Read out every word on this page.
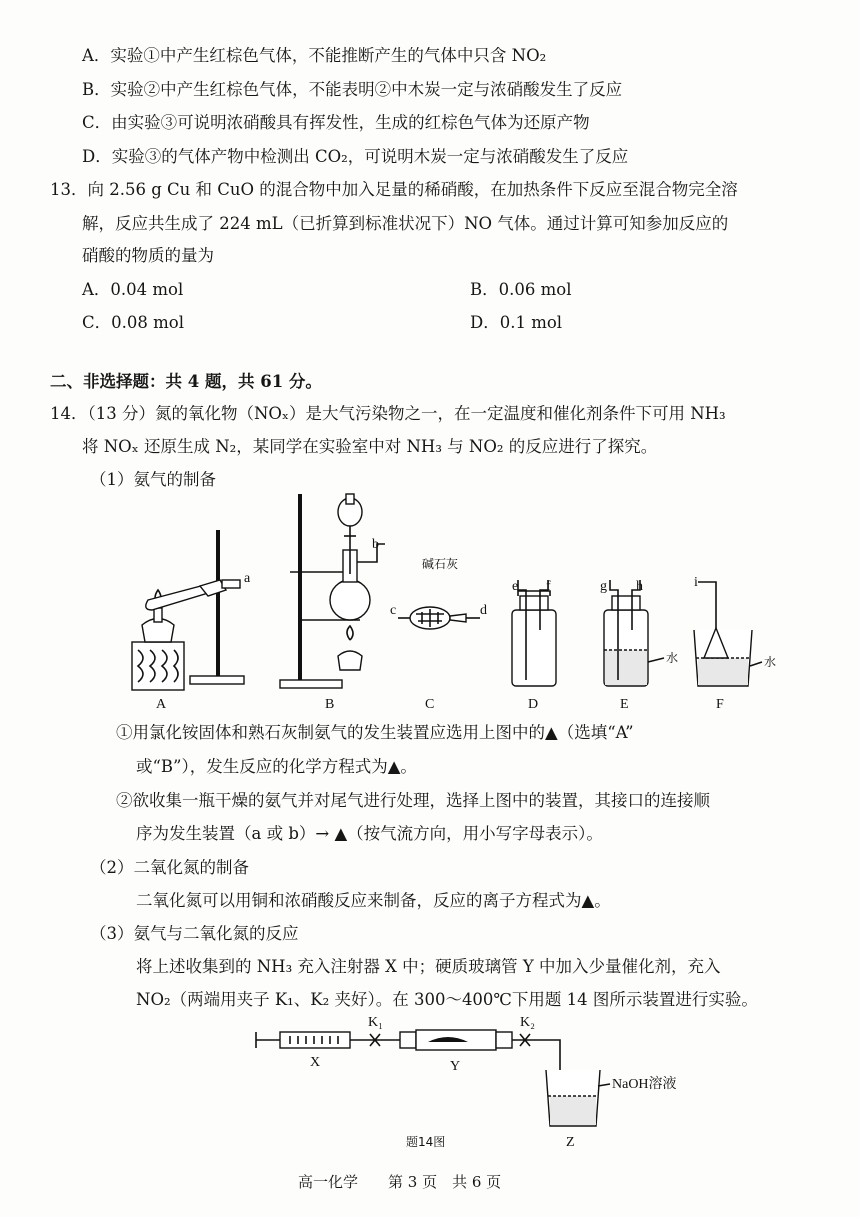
A．实验①中产生红棕色气体，不能推断产生的气体中只含 NO₂
B．实验②中产生红棕色气体，不能表明②中木炭一定与浓硝酸发生了反应
C．由实验③可说明浓硝酸具有挥发性，生成的红棕色气体为还原产物
D．实验③的气体产物中检测出 CO₂，可说明木炭一定与浓硝酸发生了反应
13．向 2.56 g Cu 和 CuO 的混合物中加入足量的稀硝酸，在加热条件下反应至混合物完全溶
解，反应共生成了 224 mL（已折算到标准状况下）NO 气体。通过计算可知参加反应的
硝酸的物质的量为
A．0.04 mol	B．0.06 mol
C．0.08 mol	D．0.1 mol
二、非选择题：共 4 题，共 61 分。
14．（13 分）氮的氧化物（NOₓ）是大气污染物之一，在一定温度和催化剂条件下可用 NH₃
将 NOₓ 还原生成 N₂，某同学在实验室中对 NH₃ 与 NO₂ 的反应进行了探究。
（1）氨气的制备
a
A
b
B
碱石灰
c	d
C
e f
D
水
g h
E
水
i
F
①用氯化铵固体和熟石灰制氨气的发生装置应选用上图中的▲（选填“A”
或“B”），发生反应的化学方程式为▲。
②欲收集一瓶干燥的氨气并对尾气进行处理，选择上图中的装置，其接口的连接顺
序为发生装置（a 或 b）→ ▲（按气流方向，用小写字母表示）。
（2）二氧化氮的制备
二氧化氮可以用铜和浓硝酸反应来制备，反应的离子方程式为▲。
（3）氨气与二氧化氮的反应
将上述收集到的 NH₃ 充入注射器 X 中；硬质玻璃管 Y 中加入少量催化剂，充入
NO₂（两端用夹子 K₁、K₂ 夹好）。在 300～400℃下用题 14 图所示装置进行实验。
X
K₁
Y
K₂
NaOH溶液
Z
题14图
高一化学　　第 3 页　共 6 页
